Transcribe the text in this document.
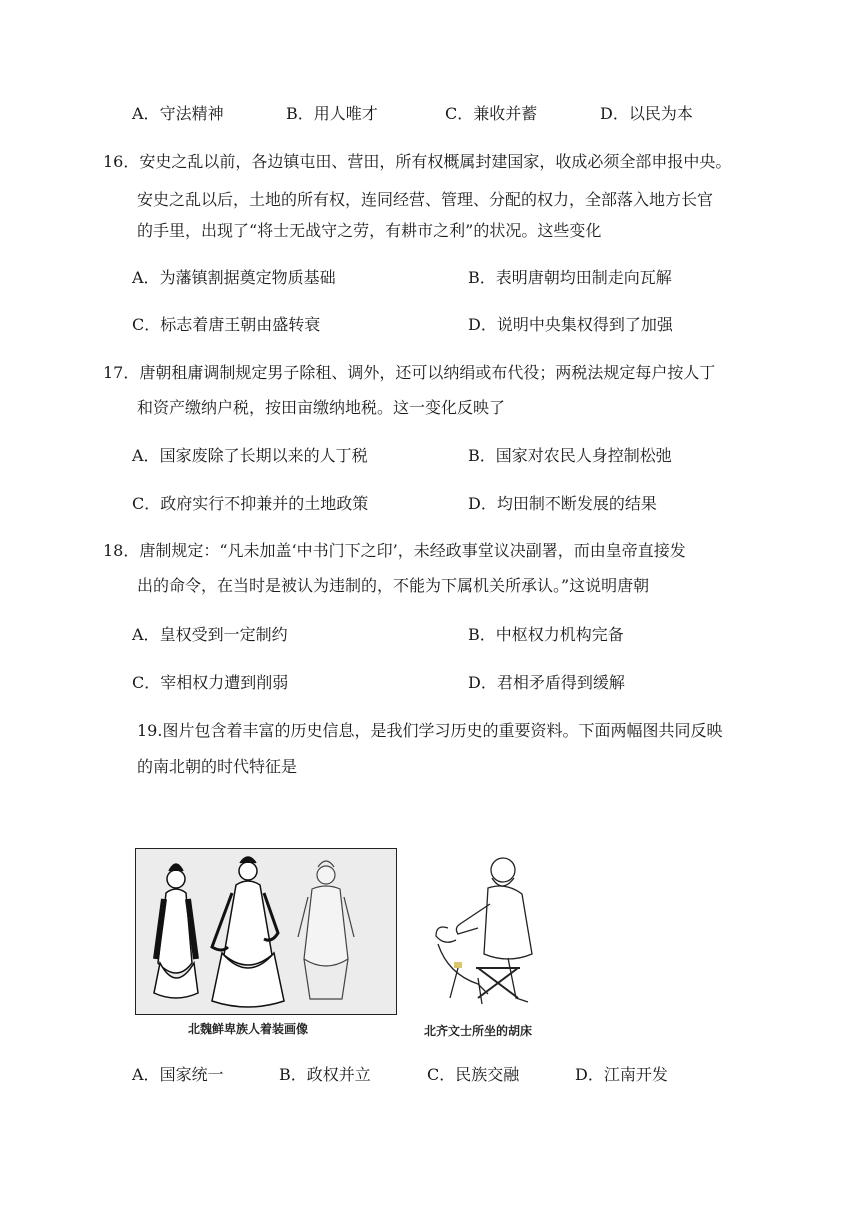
A．守法精神	B．用人唯才	C．兼收并蓄	D．以民为本
16．安史之乱以前，各边镇屯田、营田，所有权概属封建国家，收成必须全部申报中央。
安史之乱以后，土地的所有权，连同经营、管理、分配的权力，全部落入地方长官
的手里，出现了“将士无战守之劳，有耕市之利”的状况。这些变化
A．为藩镇割据奠定物质基础	B．表明唐朝均田制走向瓦解
C．标志着唐王朝由盛转衰	D．说明中央集权得到了加强
17．唐朝租庸调制规定男子除租、调外，还可以纳绢或布代役；两税法规定每户按人丁
和资产缴纳户税，按田亩缴纳地税。这一变化反映了
A．国家废除了长期以来的人丁税	B．国家对农民人身控制松弛
C．政府实行不抑兼并的土地政策	D．均田制不断发展的结果
18．唐制规定：“凡未加盖‘中书门下之印’，未经政事堂议决副署，而由皇帝直接发
出的命令，在当时是被认为违制的，不能为下属机关所承认。”这说明唐朝
A．皇权受到一定制约	B．中枢权力机构完备
C．宰相权力遭到削弱	D．君相矛盾得到缓解
19.图片包含着丰富的历史信息，是我们学习历史的重要资料。下面两幅图共同反映
的南北朝的时代特征是
北魏鲜卑族人着装画像	北齐文士所坐的胡床
A．国家统一	B．政权并立	C．民族交融	D．江南开发
